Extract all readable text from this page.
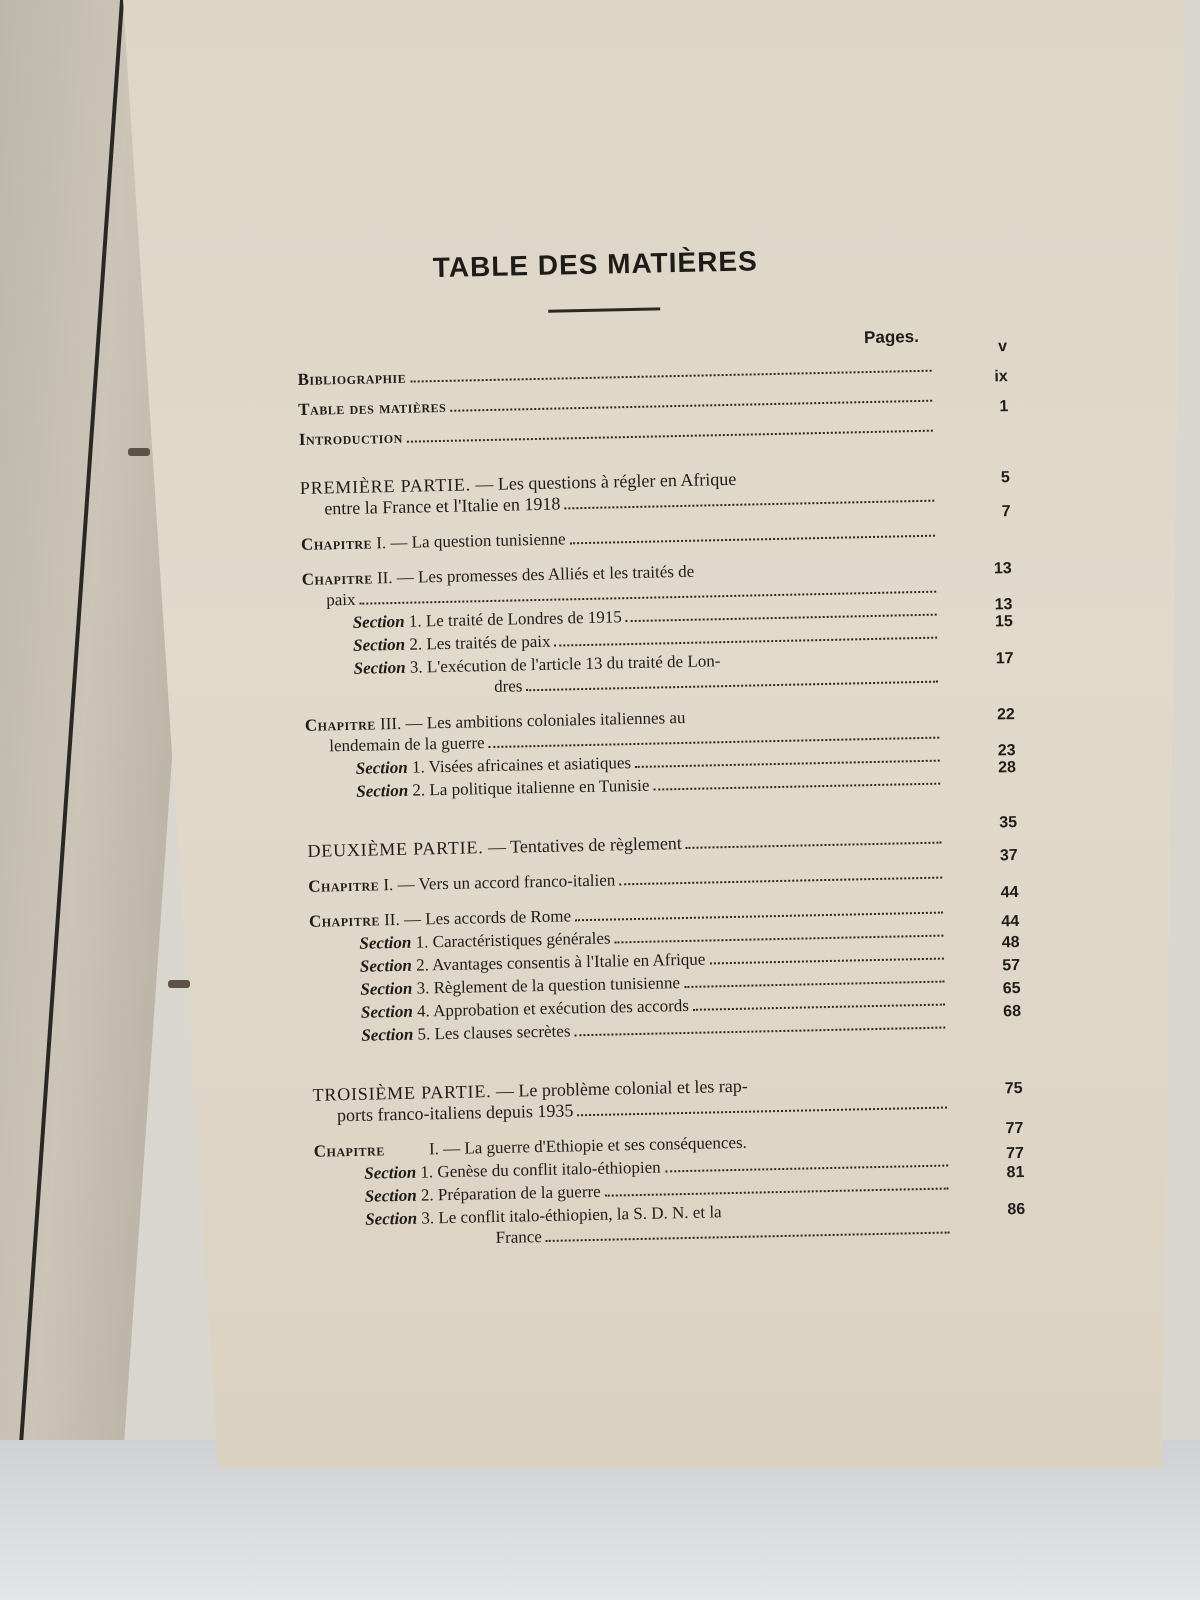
TABLE DES MATIÈRES
Pages.
Bibliographie
v
Table des matières
ix
Introduction
1
PREMIÈRE PARTIE. — Les questions à régler en Afrique
entre la France et l'Italie en 1918
5
Chapitre I. — La question tunisienne
7
Chapitre II. — Les promesses des Alliés et les traités de
paix
13
Section 1. Le traité de Londres de 1915
13
Section 2. Les traités de paix
15
Section 3. L'exécution de l'article 13 du traité de Lon-
dres
17
Chapitre III. — Les ambitions coloniales italiennes au
lendemain de la guerre
22
Section 1. Visées africaines et asiatiques
23
Section 2. La politique italienne en Tunisie
28
DEUXIÈME PARTIE. — Tentatives de règlement
35
Chapitre I. — Vers un accord franco-italien
37
Chapitre II. — Les accords de Rome
44
Section 1. Caractéristiques générales
44
Section 2. Avantages consentis à l'Italie en Afrique
48
Section 3. Règlement de la question tunisienne
57
Section 4. Approbation et exécution des accords
65
Section 5. Les clauses secrètes
68
TROISIÈME PARTIE. — Le problème colonial et les rap-
ports franco-italiens depuis 1935
75
Chapitre I. — La guerre d'Ethiopie et ses conséquences.
77
Section 1. Genèse du conflit italo-éthiopien
77
Section 2. Préparation de la guerre
81
Section 3. Le conflit italo-éthiopien, la S. D. N. et la
France
86
